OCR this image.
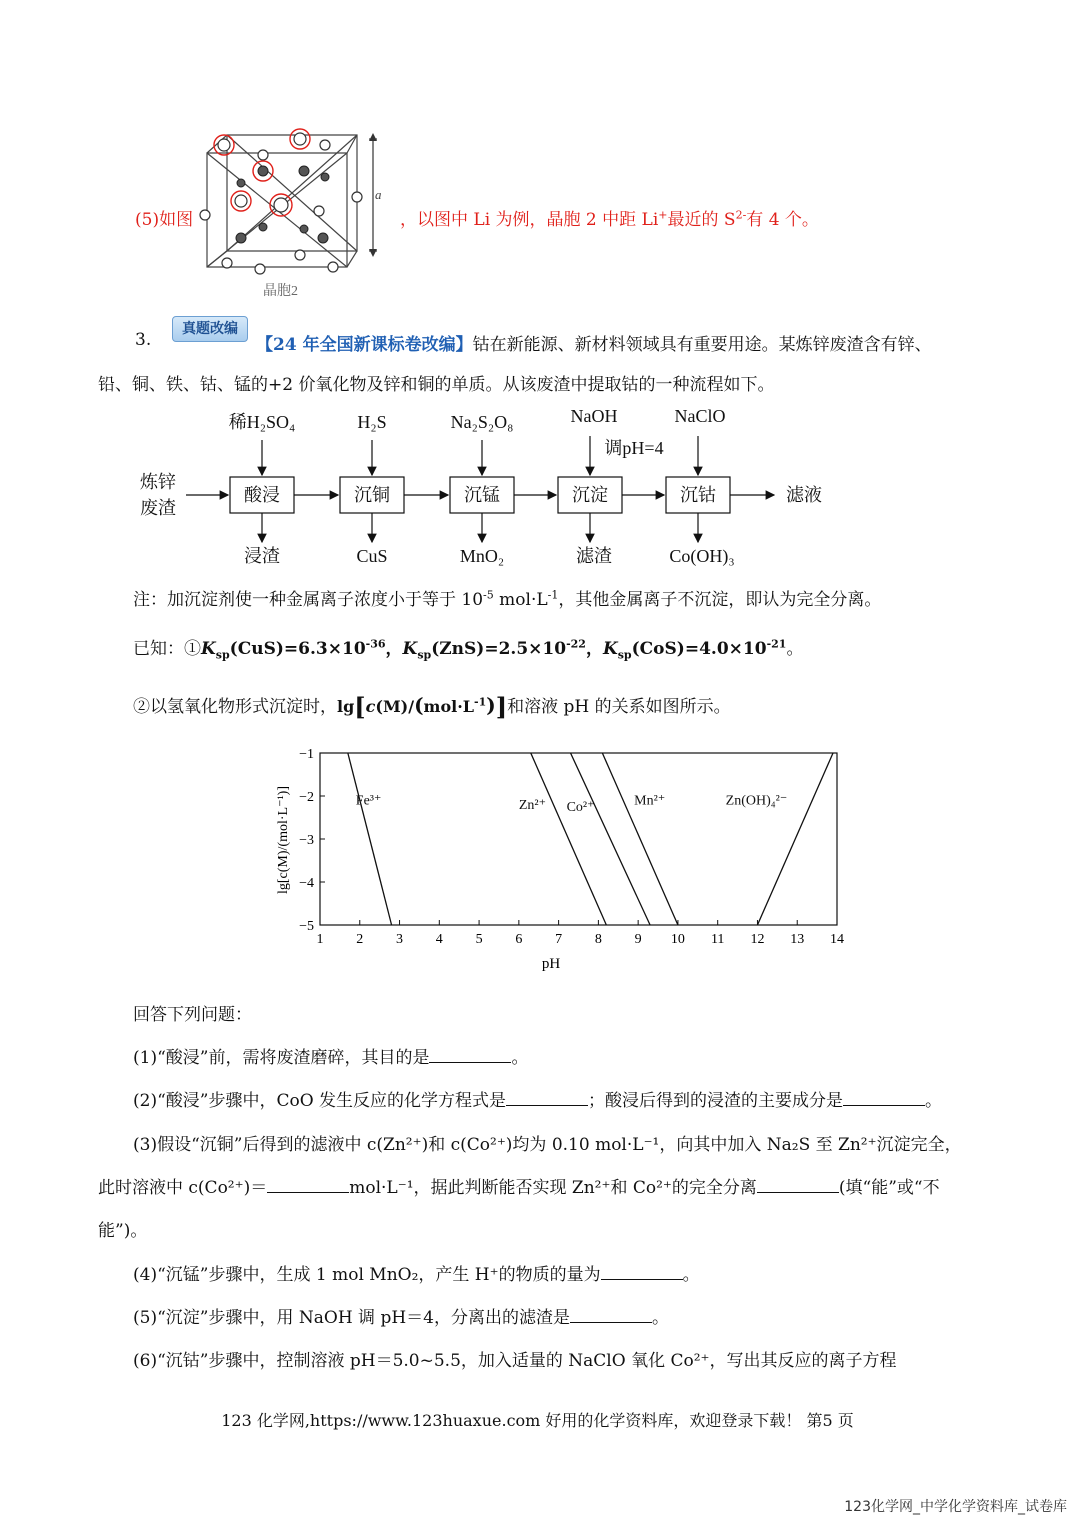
(5)如图
a
晶胞2
，以图中 Li 为例，晶胞 2 中距 Li+最近的 $S^{2-}$有 4 个。
3.
真题改编
【24 年全国新课标卷改编】钴在新能源、新材料领域具有重要用途。某炼锌废渣含有锌、
铅、铜、铁、钴、锰的+2 价氧化物及锌和铜的单质。从该废渣中提取钴的一种流程如下。
炼锌
废渣
酸浸	沉铜	沉锰	沉淀	沉钴
稀H₂SO₄	H₂S	Na₂S₂O₈	NaOH	NaClO
调pH=4
浸渣	CuS	MnO₂	滤渣	Co(OH)₃
滤液
注：加沉淀剂使一种金属离子浓度小于等于 $10^{-5}$ $mol\cdot L^{-1}$，其他金属离子不沉淀，即认为完全分离。
已知：$①K_{sp}(CuS)=6.3\times 10^{-36}$，$K_{sp}(ZnS)=2.5\times 10^{-22}$，$K_{sp}(CoS)=4.0\times 10^{-21}$。
②以氢氧化物形式沉淀时，$\lg[c(M)/(mol\cdot L^{-1})]$和溶液 pH 的关系如图所示。
1 2 3 4 5 6 7 8 9 10 11 12 13 14
−1
−2
−3
−4
−5
Fe³⁺	Zn²⁺ Co²⁺	Mn²⁺	Zn(OH)₄²⁻
pH
lg[c(M)/(mol·L⁻¹)]
回答下列问题：
(1)“酸浸”前，需将废渣磨碎，其目的是	。
(2)“酸浸”步骤中，CoO 发生反应的化学方程式是	；酸浸后得到的浸渣的主要成分是	。
(3)假设“沉铜”后得到的滤液中 c(Zn²⁺)和 c(Co²⁺)均为 0.10 mol·L⁻¹，向其中加入 Na₂S 至 Zn²⁺沉淀完全，
此时溶液中 c(Co²⁺)＝	mol·L⁻¹，据此判断能否实现 Zn²⁺和 Co²⁺的完全分离	(填“能”或“不
能”)。
(4)“沉锰”步骤中，生成 1 mol MnO₂，产生 H⁺的物质的量为	。
(5)“沉淀”步骤中，用 NaOH 调 pH＝4，分离出的滤渣是	。
(6)“沉钴”步骤中，控制溶液 pH＝5.0~5.5，加入适量的 NaClO 氧化 Co²⁺，写出其反应的离子方程
123 化学网,https://www.123huaxue.com 好用的化学资料库，欢迎登录下载！ 第5 页
123化学网_中学化学资料库_试卷库
